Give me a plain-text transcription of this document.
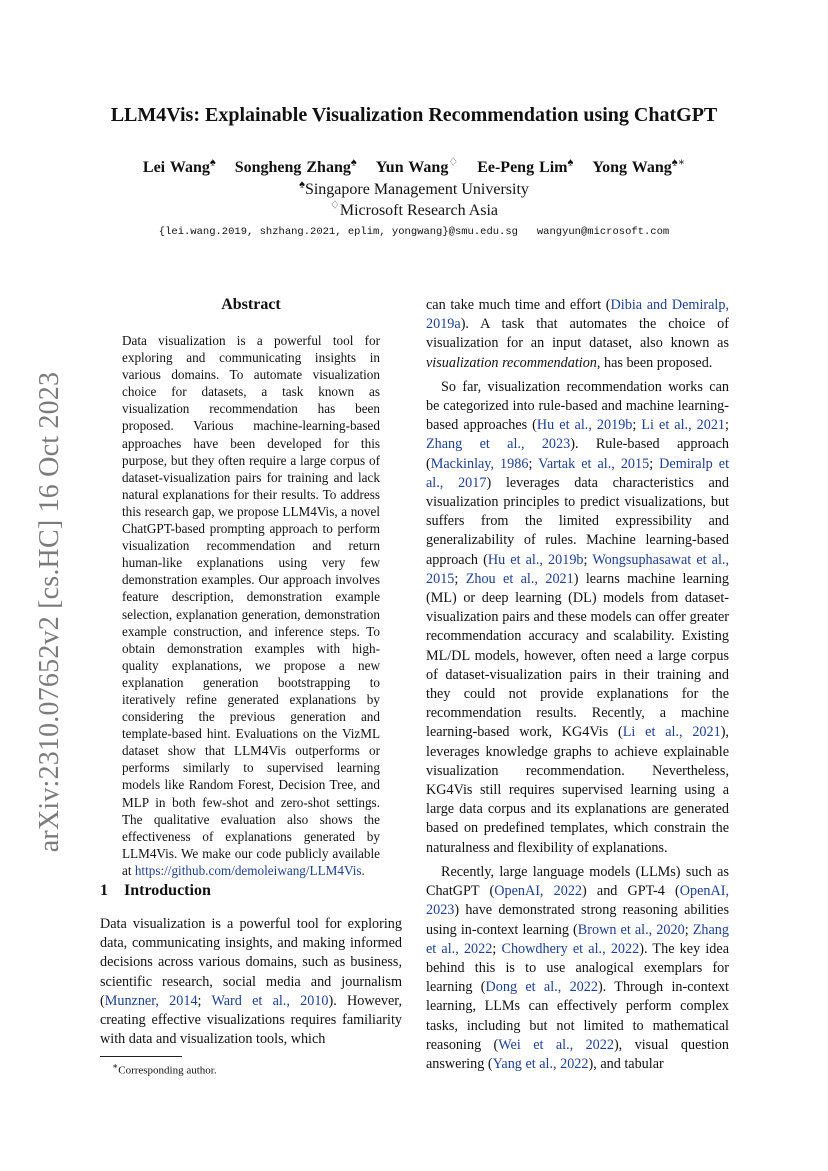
arXiv:2310.07652v2 [cs.HC] 16 Oct 2023
LLM4Vis: Explainable Visualization Recommendation using ChatGPT
Lei Wang♠ Songheng Zhang♠ Yun Wang♢ Ee-Peng Lim♠ Yong Wang♠∗
♠Singapore Management University
♢Microsoft Research Asia
{lei.wang.2019, shzhang.2021, eplim, yongwang}@smu.edu.sg   wangyun@microsoft.com
Abstract

Data visualization is a powerful tool for exploring and communicating insights in various domains. To automate visualization choice for datasets, a task known as visualization recommendation has been proposed. Various machine-learning-based approaches have been developed for this purpose, but they often require a large corpus of dataset-visualization pairs for training and lack natural explanations for their results. To address this research gap, we propose LLM4Vis, a novel ChatGPT-based prompting approach to perform visualization recommendation and return human-like explanations using very few demonstration examples. Our approach involves feature description, demonstration example selection, explanation generation, demonstration example construction, and inference steps. To obtain demonstration examples with high-quality explanations, we propose a new explanation generation bootstrapping to iteratively refine generated explanations by considering the previous generation and template-based hint. Evaluations on the VizML dataset show that LLM4Vis outperforms or performs similarly to supervised learning models like Random Forest, Decision Tree, and MLP in both few-shot and zero-shot settings. The qualitative evaluation also shows the effectiveness of explanations generated by LLM4Vis. We make our code publicly available at https://github.com/demoleiwang/LLM4Vis.

1 Introduction

Data visualization is a powerful tool for exploring data, communicating insights, and making informed decisions across various domains, such as business, scientific research, social media and journalism (Munzner, 2014; Ward et al., 2010). However, creating effective visualizations requires familiarity with data and visualization tools, which

∗Corresponding author.

can take much time and effort (Dibia and Demiralp, 2019a). A task that automates the choice of visualization for an input dataset, also known as visualization recommendation, has been proposed.

So far, visualization recommendation works can be categorized into rule-based and machine learning-based approaches (Hu et al., 2019b; Li et al., 2021; Zhang et al., 2023). Rule-based approach (Mackinlay, 1986; Vartak et al., 2015; Demiralp et al., 2017) leverages data characteristics and visualization principles to predict visualizations, but suffers from the limited expressibility and generalizability of rules. Machine learning-based approach (Hu et al., 2019b; Wongsuphasawat et al., 2015; Zhou et al., 2021) learns machine learning (ML) or deep learning (DL) models from dataset-visualization pairs and these models can offer greater recommendation accuracy and scalability. Existing ML/DL models, however, often need a large corpus of dataset-visualization pairs in their training and they could not provide explanations for the recommendation results. Recently, a machine learning-based work, KG4Vis (Li et al., 2021), leverages knowledge graphs to achieve explainable visualization recommendation. Nevertheless, KG4Vis still requires supervised learning using a large data corpus and its explanations are generated based on predefined templates, which constrain the naturalness and flexibility of explanations.

Recently, large language models (LLMs) such as ChatGPT (OpenAI, 2022) and GPT-4 (OpenAI, 2023) have demonstrated strong reasoning abilities using in-context learning (Brown et al., 2020; Zhang et al., 2022; Chowdhery et al., 2022). The key idea behind this is to use analogical exemplars for learning (Dong et al., 2022). Through in-context learning, LLMs can effectively perform complex tasks, including but not limited to mathematical reasoning (Wei et al., 2022), visual question answering (Yang et al., 2022), and tabular
